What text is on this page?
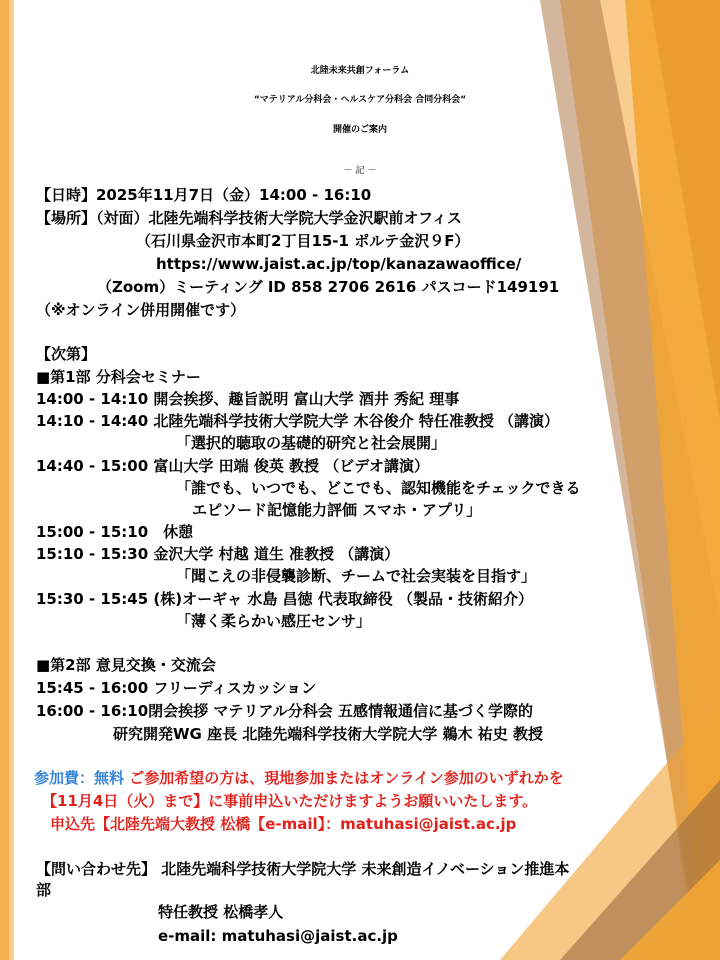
北陸未来共創フォーラム
“マテリアル分科会・ヘルスケア分科会 合同分科会“
開催のご案内
－ 記 －
【日時】2025年11月7日（金）14:00 - 16:10
【場所】（対面）北陸先端科学技術大学院大学金沢駅前オフィス
（石川県金沢市本町2丁目15-1 ポルテ金沢９F）
https://www.jaist.ac.jp/top/kanazawaoffice/
（Zoom）ミーティング ID 858 2706 2616 パスコード149191
（※オンライン併用開催です）
【次第】
■第1部 分科会セミナー
14:00 - 14:10 開会挨拶、趣旨説明 富山大学 酒井 秀紀 理事
14:10 - 14:40 北陸先端科学技術大学院大学 木谷俊介 特任准教授 （講演）
「選択的聴取の基礎的研究と社会展開」
14:40 - 15:00 富山大学 田端 俊英 教授 （ビデオ講演）
「誰でも、いつでも、どこでも、認知機能をチェックできる
エピソード記憶能力評価 スマホ・アプリ」
15:00 - 15:10　休憩
15:10 - 15:30 金沢大学 村越 道生 准教授 （講演）
「聞こえの非侵襲診断、チームで社会実装を目指す」
15:30 - 15:45 (株)オーギャ 水島 昌徳 代表取締役 （製品・技術紹介）
「薄く柔らかい感圧センサ」
■第2部 意見交換・交流会
15:45 - 16:00 フリーディスカッション
16:00 - 16:10閉会挨拶 マテリアル分科会 五感情報通信に基づく学際的
研究開発WG 座長 北陸先端科学技術大学院大学 鵜木 祐史 教授
参加費：無料 ご参加希望の方は、現地参加またはオンライン参加のいずれかを
【11月4日（火）まで】に事前申込いただけますようお願いいたします。
申込先【北陸先端大教授 松橋【e-mail】：matuhasi@jaist.ac.jp
【問い合わせ先】 北陸先端科学技術大学院大学 未来創造イノベーション推進本
部
特任教授 松橋孝人
e-mail: matuhasi@jaist.ac.jp
